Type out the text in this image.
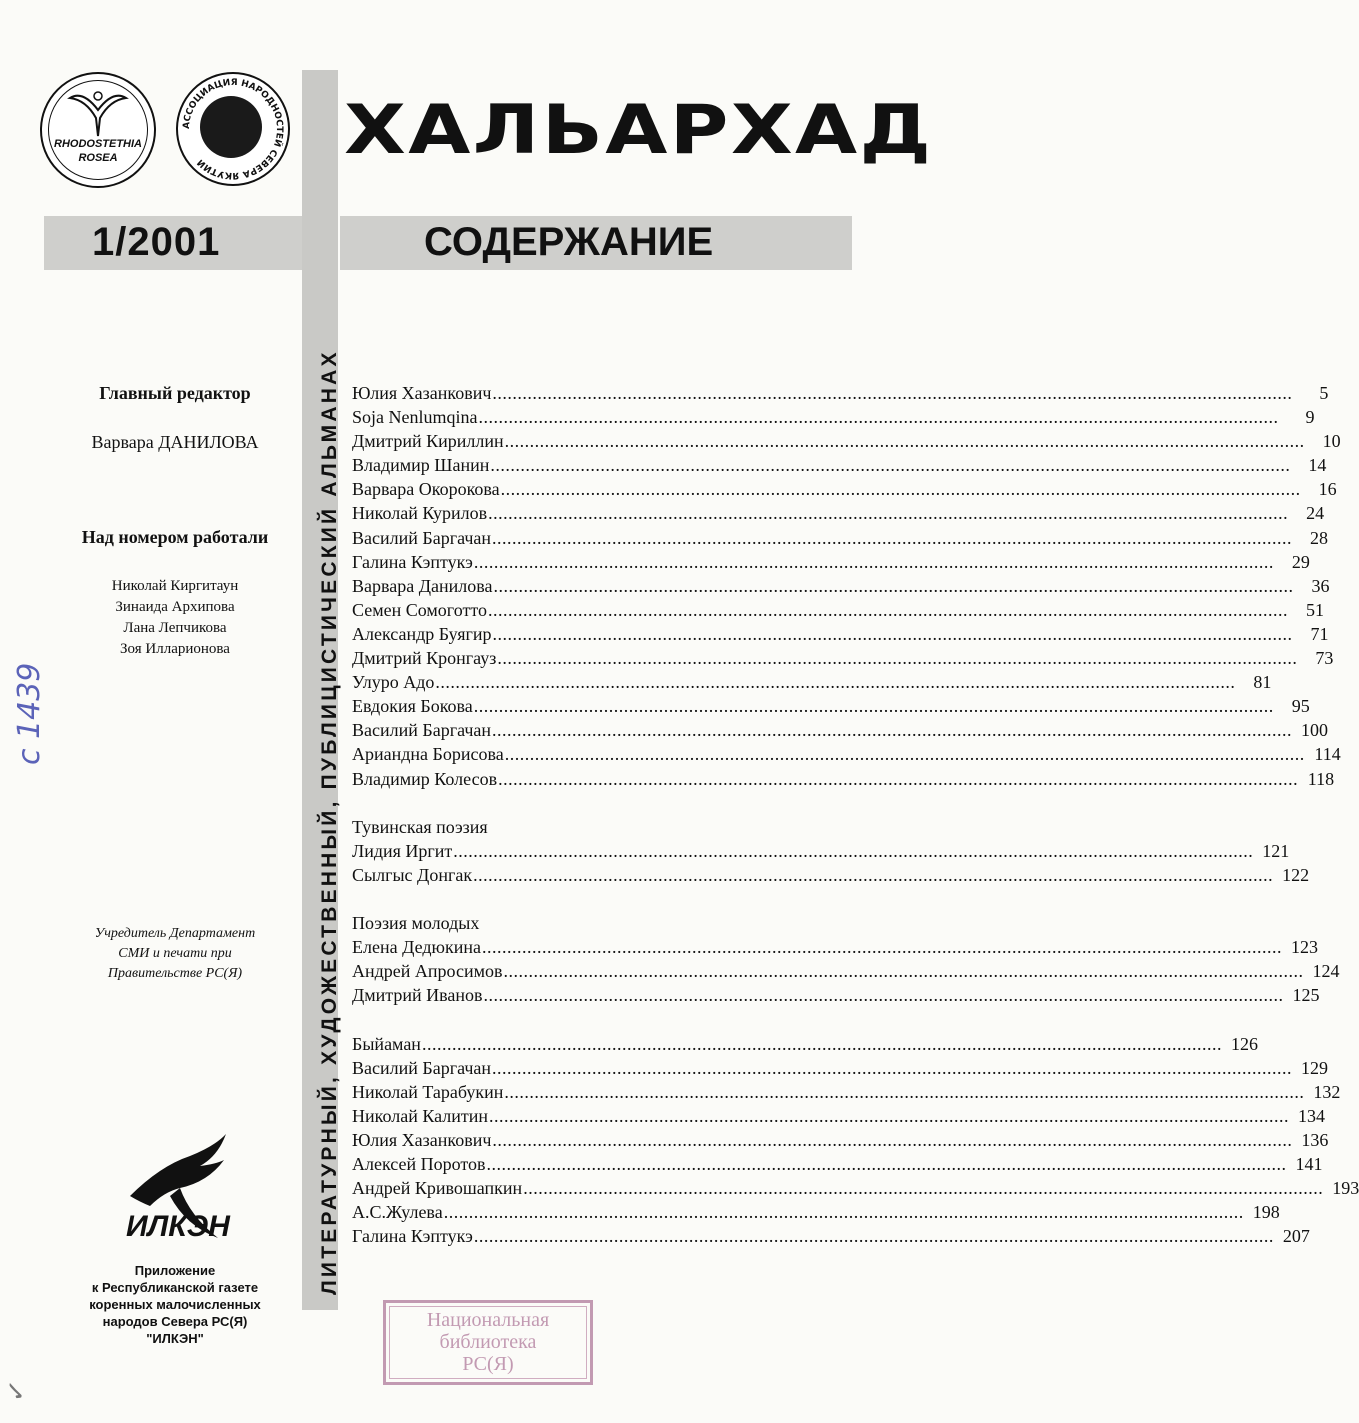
RHODOSTETHIA
ROSEA
АССОЦИАЦИЯ НАРОДНОСТЕЙ СЕВЕРА ЯКУТИИ	ХАЛЬАРХАД
1/2001	СОДЕРЖАНИЕ
ЛИТЕРАТУРНЫЙ, ХУДОЖЕСТВЕННЫЙ, ПУБЛИЦИСТИЧЕСКИЙ АЛЬМАНАХ
Главный редактор
Варвара ДАНИЛОВА
Над номером работали
Николай Киргитаун
Зинаида Архипова
Лана Лепчикова
Зоя Илларионова
Учредитель Департамент
СМИ и печати при
Правительстве РС(Я)
ИЛКЭН
Приложение
к Республиканской газете
коренных малочисленных
народов Севера РС(Я)
"ИЛКЭН"
с 1439
✓
Юлия Хазанкович .....	5
Soja Nenlumqina .....	9
Дмитрий Кириллин .....	10
Владимир Шанин .....	14
Варвара Окорокова .....	16
Николай Курилов .....	24
Василий Баргачан .....	28
Галина Кэптукэ .....	29
Варвара Данилова .....	36
Семен Сомоготто .....	51
Александр Буягир .....	71
Дмитрий Кронгауз .....	73
Улуро Адо .....	81
Евдокия Бокова .....	95
Василий Баргачан .....	100
Ариандна Борисова .....	114
Владимир Колесов .....	118
Тувинская поэзия
Лидия Иргит .....	121
Сылгыс Донгак .....	122
Поэзия молодых
Елена Дедюкина .....	123
Андрей Апросимов .....	124
Дмитрий Иванов .....	125
Быйаман .....	126
Василий Баргачан .....	129
Николай Тарабукин .....	132
Николай Калитин .....	134
Юлия Хазанкович .....	136
Алексей Поротов .....	141
Андрей Кривошапкин .....	193
А.С.Жулева .....	198
Галина Кэптукэ .....	207
Национальная
библиотека
РС(Я)
